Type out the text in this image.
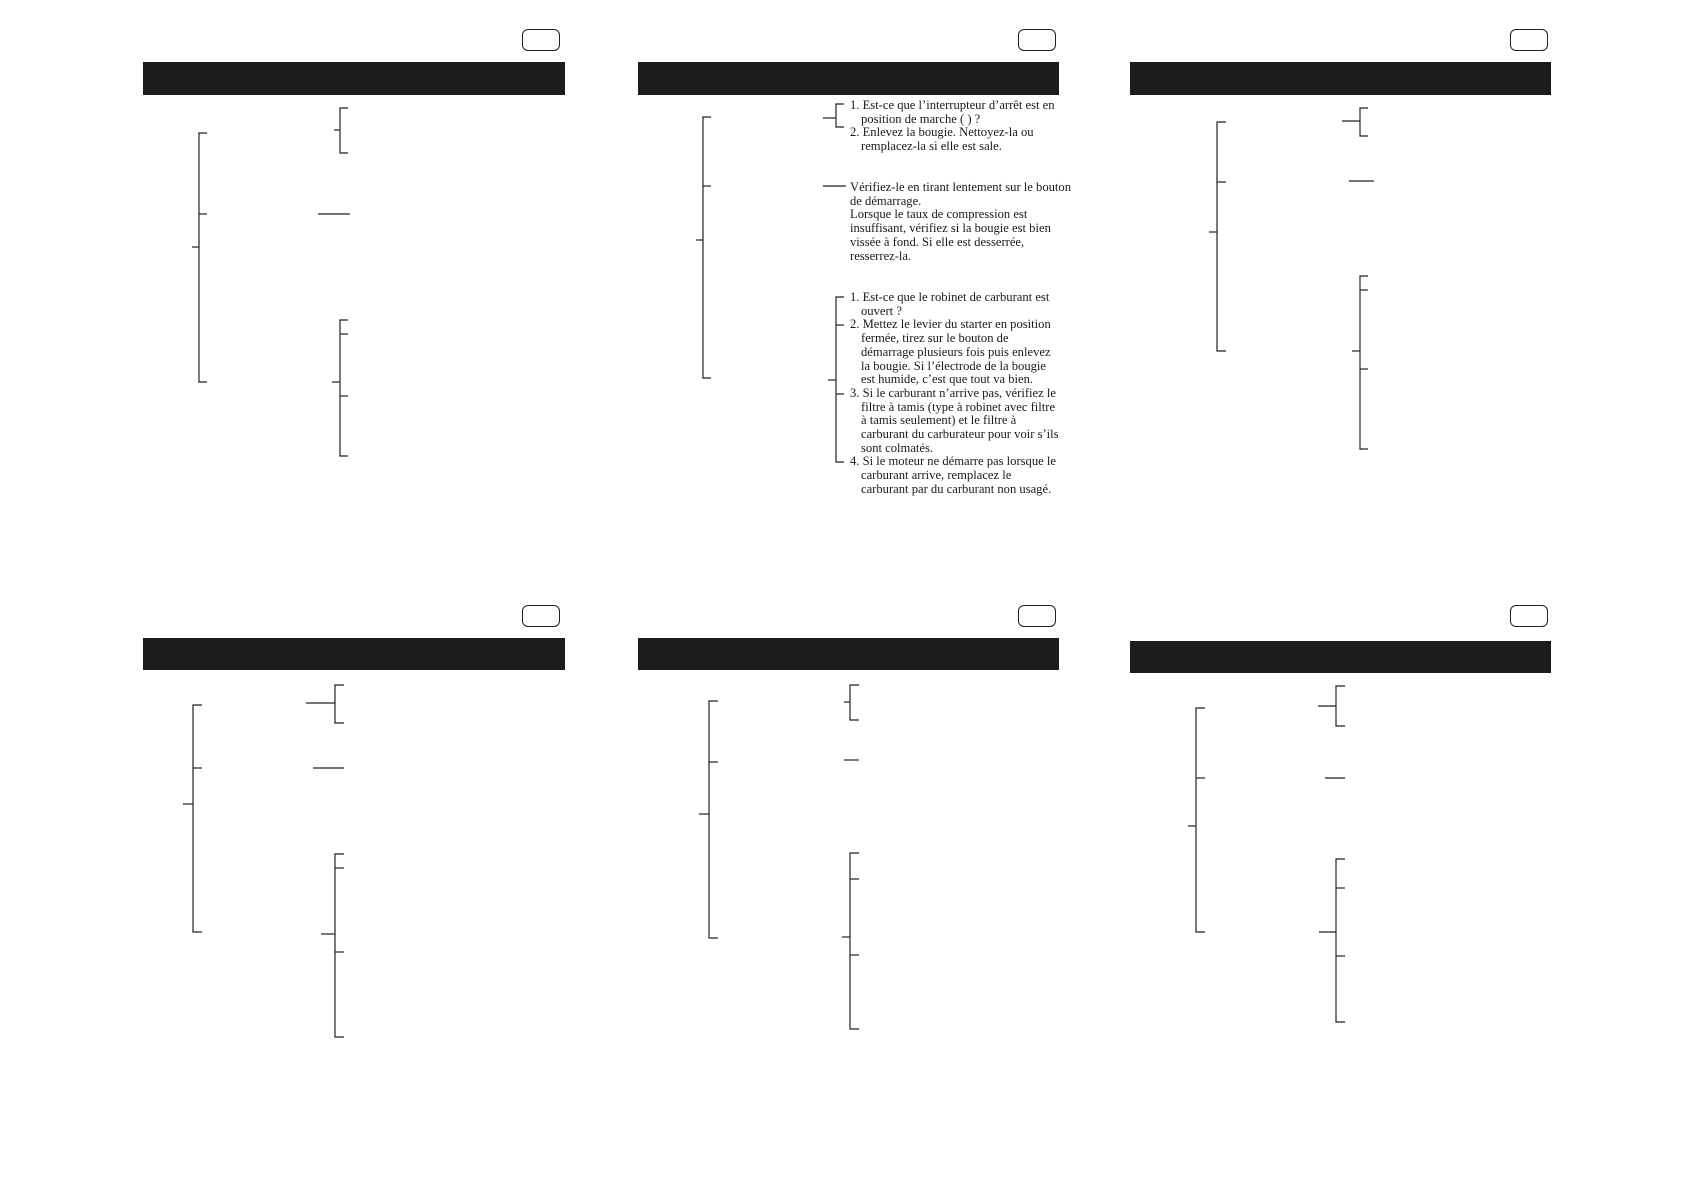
1. Est-ce que l’interrupteur d’arrêt est en position de marche ( ) ?
2. Enlevez la bougie. Nettoyez-la ou remplacez-la si elle est sale.
Vérifiez-le en tirant lentement sur le bouton
de démarrage.
Lorsque le taux de compression est
insuffisant, vérifiez si la bougie est bien
vissée à fond. Si elle est desserrée,
resserrez-la.
1. Est-ce que le robinet de carburant est ouvert ?
2. Mettez le levier du starter en position fermée, tirez sur le bouton de démarrage plusieurs fois puis enlevez la bougie. Si l’électrode de la bougie est humide, c’est que tout va bien.
3. Si le carburant n’arrive pas, vérifiez le filtre à tamis (type à robinet avec filtre à tamis seulement) et le filtre à carburant du carburateur pour voir s’ils sont colmatés.
4. Si le moteur ne démarre pas lorsque le carburant arrive, remplacez le carburant par du carburant non usagé.
